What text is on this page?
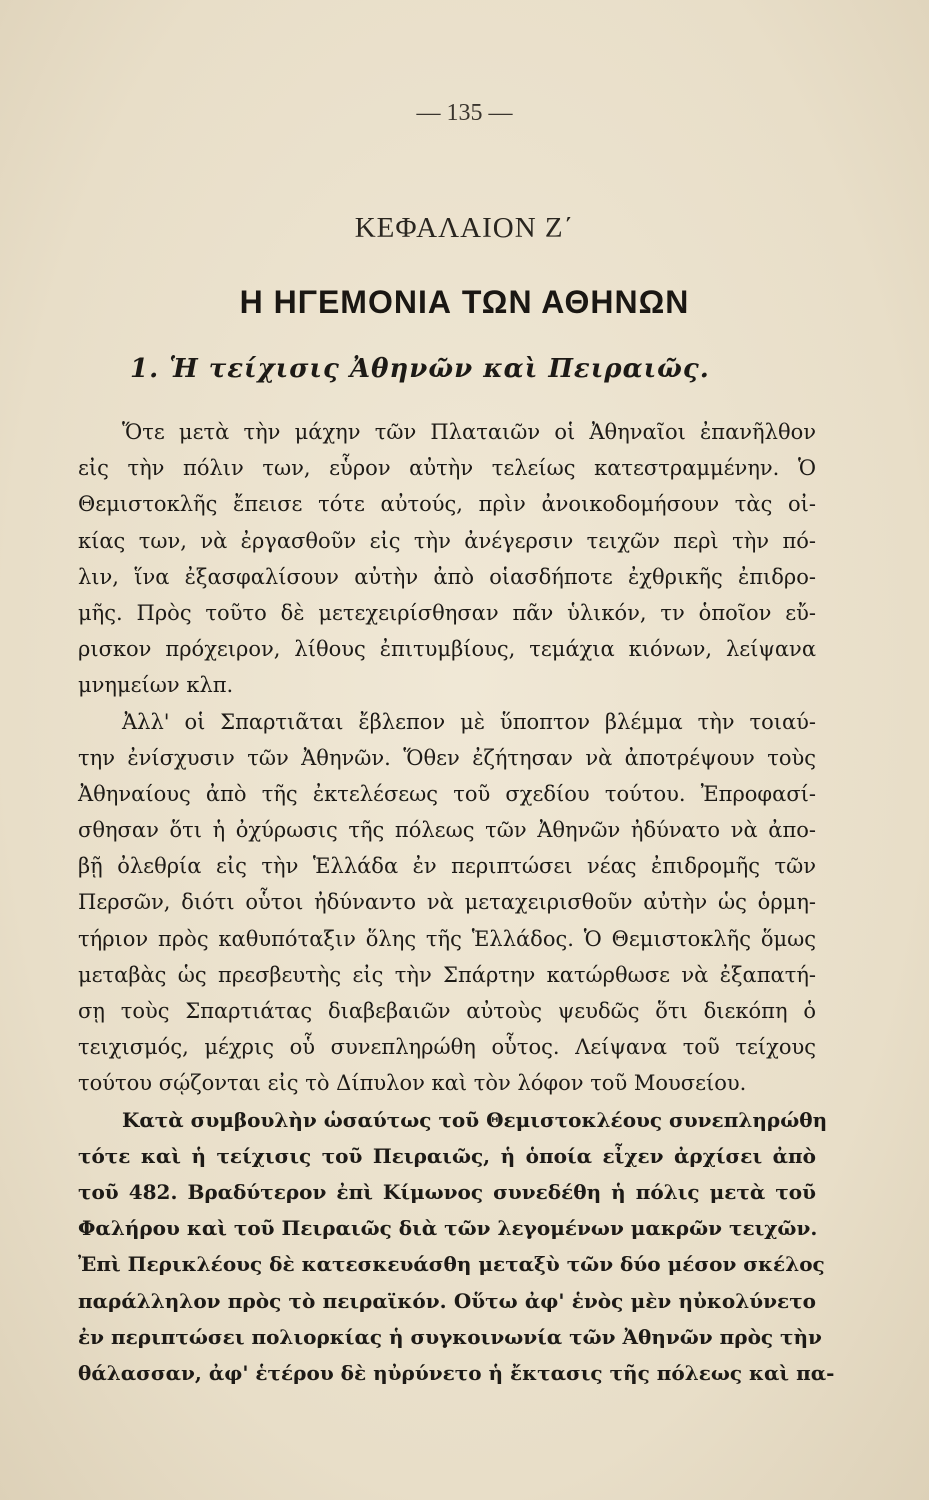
— 135 —
ΚΕΦΑΛΑΙΟΝ Ζ΄
Η ΗΓΕΜΟΝΙΑ ΤΩΝ ΑΘΗΝΩΝ
1. Ἡ τείχισις Ἀθηνῶν καὶ Πειραιῶς.
Ὅτε μετὰ τὴν μάχην τῶν Πλαταιῶν οἱ Ἀθηναῖοι ἐπανῆλθον
εἰς τὴν πόλιν των, εὗρον αὐτὴν τελείως κατεστραμμένην. Ὁ
Θεμιστοκλῆς ἔπεισε τότε αὐτούς, πρὶν ἀνοικοδομήσουν τὰς οἰ-
κίας των, νὰ ἐργασθοῦν εἰς τὴν ἀνέγερσιν τειχῶν περὶ τὴν πό-
λιν, ἵνα ἐξασφαλίσουν αὐτὴν ἀπὸ οἱασδήποτε ἐχθρικῆς ἐπιδρο-
μῆς. Πρὸς τοῦτο δὲ μετεχειρίσθησαν πᾶν ὑλικόν, τν ὁποῖον εὔ-
ρισκον πρόχειρον, λίθους ἐπιτυμβίους, τεμάχια κιόνων, λείψανα
μνημείων κλπ.
Ἀλλ' οἱ Σπαρτιᾶται ἔβλεπον μὲ ὕποπτον βλέμμα τὴν τοιαύ-
την ἐνίσχυσιν τῶν Ἀθηνῶν. Ὅθεν ἐζήτησαν νὰ ἀποτρέψουν τοὺς
Ἀθηναίους ἀπὸ τῆς ἐκτελέσεως τοῦ σχεδίου τούτου. Ἐπροφασί-
σθησαν ὅτι ἡ ὀχύρωσις τῆς πόλεως τῶν Ἀθηνῶν ἠδύνατο νὰ ἀπο-
βῇ ὀλεθρία εἰς τὴν Ἑλλάδα ἐν περιπτώσει νέας ἐπιδρομῆς τῶν
Περσῶν, διότι οὗτοι ἠδύναντο νὰ μεταχειρισθοῦν αὐτὴν ὡς ὁρμη-
τήριον πρὸς καθυπόταξιν ὅλης τῆς Ἑλλάδος. Ὁ Θεμιστοκλῆς ὅμως
μεταβὰς ὡς πρεσβευτὴς εἰς τὴν Σπάρτην κατώρθωσε νὰ ἐξαπατή-
σῃ τοὺς Σπαρτιάτας διαβεβαιῶν αὐτοὺς ψευδῶς ὅτι διεκόπη ὁ
τειχισμός, μέχρις οὗ συνεπληρώθη οὗτος. Λείψανα τοῦ τείχους
τούτου σῴζονται εἰς τὸ Δίπυλον καὶ τὸν λόφον τοῦ Μουσείου.
Κατὰ συμβουλὴν ὡσαύτως τοῦ Θεμιστοκλέους συνεπληρώθη
τότε καὶ ἡ τείχισις τοῦ Πειραιῶς, ἡ ὁποία εἶχεν ἀρχίσει ἀπὸ
τοῦ 482. Βραδύτερον ἐπὶ Κίμωνος συνεδέθη ἡ πόλις μετὰ τοῦ
Φαλήρου καὶ τοῦ Πειραιῶς διὰ τῶν λεγομένων μακρῶν τειχῶν.
Ἐπὶ Περικλέους δὲ κατεσκευάσθη μεταξὺ τῶν δύο μέσον σκέλος
παράλληλον πρὸς τὸ πειραϊκόν. Οὕτω ἀφ' ἑνὸς μὲν ηὐκολύνετο
ἐν περιπτώσει πολιορκίας ἡ συγκοινωνία τῶν Ἀθηνῶν πρὸς τὴν
θάλασσαν, ἀφ' ἑτέρου δὲ ηὐρύνετο ἡ ἔκτασις τῆς πόλεως καὶ πα-
